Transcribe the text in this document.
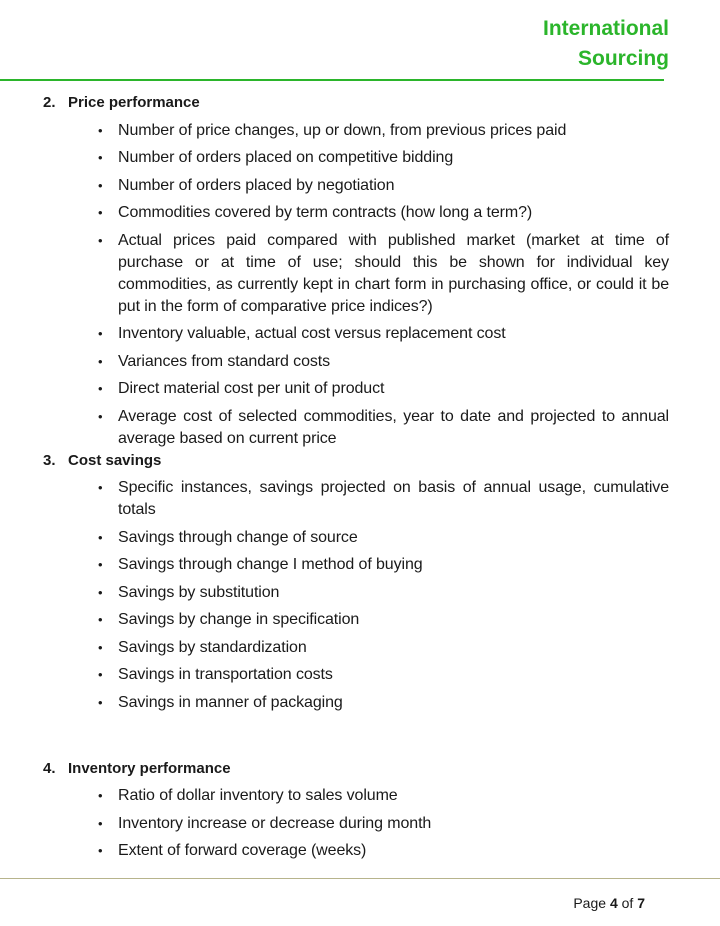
International
Sourcing
2. Price performance
• Number of price changes, up or down, from previous prices paid
• Number of orders placed on competitive bidding
• Number of orders placed by negotiation
• Commodities covered by term contracts (how long a term?)
• Actual prices paid compared with published market (market at time of purchase or at time of use; should this be shown for individual key commodities, as currently kept in chart form in purchasing office, or could it be put in the form of comparative price indices?)
• Inventory valuable, actual cost versus replacement cost
• Variances from standard costs
• Direct material cost per unit of product
• Average cost of selected commodities, year to date and projected to annual average based on current price
3. Cost savings
• Specific instances, savings projected on basis of annual usage, cumulative totals
• Savings through change of source
• Savings through change I method of buying
• Savings by substitution
• Savings by change in specification
• Savings by standardization
• Savings in transportation costs
• Savings in manner of packaging
4. Inventory performance
• Ratio of dollar inventory to sales volume
• Inventory increase or decrease during month
• Extent of forward coverage (weeks)
Page 4 of 7
